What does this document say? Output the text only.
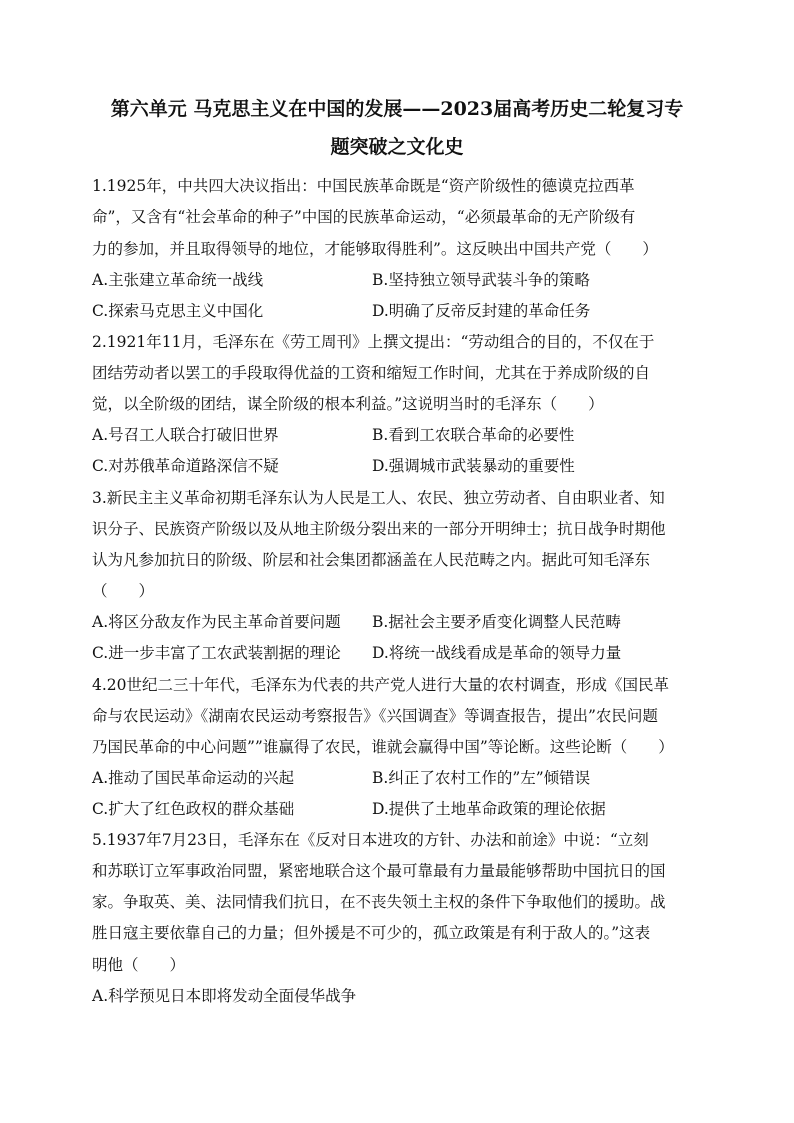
第六单元 马克思主义在中国的发展——2023届高考历史二轮复习专
题突破之文化史
1.1925年，中共四大决议指出：中国民族革命既是“资产阶级性的德谟克拉西革
命”，又含有“社会革命的种子”中国的民族革命运动，“必须最革命的无产阶级有
力的参加，并且取得领导的地位，才能够取得胜利”。这反映出中国共产党（　　）
A.主张建立革命统一战线	B.坚持独立领导武装斗争的策略
C.探索马克思主义中国化	D.明确了反帝反封建的革命任务
2.1921年11月，毛泽东在《劳工周刊》上撰文提出：“劳动组合的目的，不仅在于
团结劳动者以罢工的手段取得优益的工资和缩短工作时间，尤其在于养成阶级的自
觉，以全阶级的团结，谋全阶级的根本利益。”这说明当时的毛泽东（　　）
A.号召工人联合打破旧世界	B.看到工农联合革命的必要性
C.对苏俄革命道路深信不疑	D.强调城市武装暴动的重要性
3.新民主主义革命初期毛泽东认为人民是工人、农民、独立劳动者、自由职业者、知
识分子、民族资产阶级以及从地主阶级分裂出来的一部分开明绅士；抗日战争时期他
认为凡参加抗日的阶级、阶层和社会集团都涵盖在人民范畴之内。据此可知毛泽东
（　　）
A.将区分敌友作为民主革命首要问题 B.据社会主要矛盾变化调整人民范畴
C.进一步丰富了工农武装割据的理论 D.将统一战线看成是革命的领导力量
4.20世纪二三十年代，毛泽东为代表的共产党人进行大量的农村调查，形成《国民革
命与农民运动》《湖南农民运动考察报告》《兴国调查》等调查报告，提出”农民问题
乃国民革命的中心问题””谁赢得了农民，谁就会赢得中国”等论断。这些论断（　　）
A.推动了国民革命运动的兴起	B.纠正了农村工作的”左”倾错误
C.扩大了红色政权的群众基础	D.提供了土地革命政策的理论依据
5.1937年7月23日，毛泽东在《反对日本进攻的方针、办法和前途》中说：“立刻
和苏联订立军事政治同盟，紧密地联合这个最可靠最有力量最能够帮助中国抗日的国
家。争取英、美、法同情我们抗日，在不丧失领土主权的条件下争取他们的援助。战
胜日寇主要依靠自己的力量；但外援是不可少的，孤立政策是有利于敌人的。”这表
明他（　　）
A.科学预见日本即将发动全面侵华战争
